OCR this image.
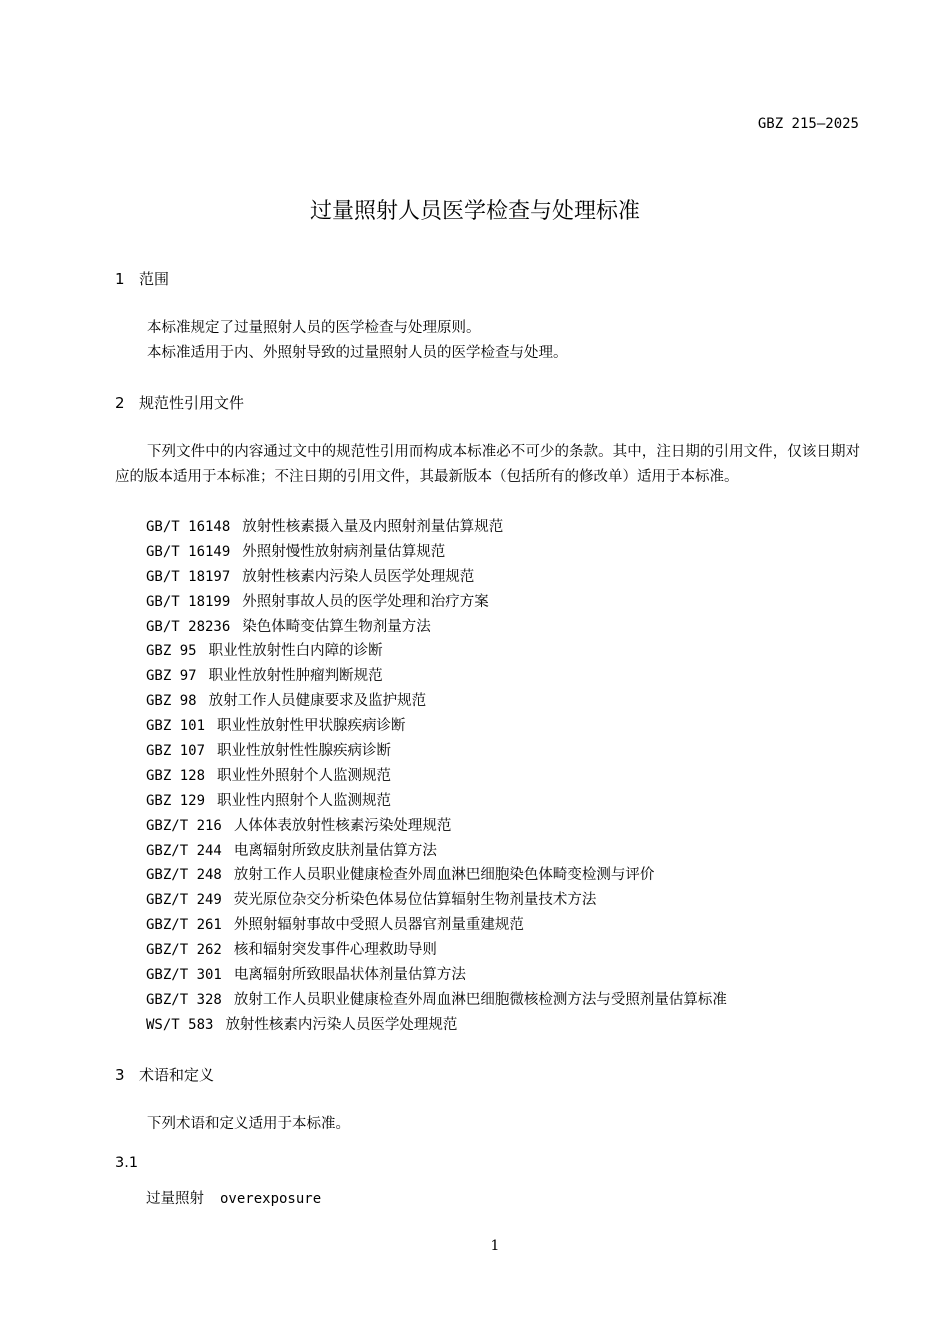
GBZ 215—2025
过量照射人员医学检查与处理标准
1 范围
本标准规定了过量照射人员的医学检查与处理原则。
本标准适用于内、外照射导致的过量照射人员的医学检查与处理。
2 规范性引用文件
下列文件中的内容通过文中的规范性引用而构成本标准必不可少的条款。其中，注日期的引用文件，仅该日期对应的版本适用于本标准；不注日期的引用文件，其最新版本（包括所有的修改单）适用于本标准。
GB/T 16148 放射性核素摄入量及内照射剂量估算规范
GB/T 16149 外照射慢性放射病剂量估算规范
GB/T 18197 放射性核素内污染人员医学处理规范
GB/T 18199 外照射事故人员的医学处理和治疗方案
GB/T 28236 染色体畸变估算生物剂量方法
GBZ 95 职业性放射性白内障的诊断
GBZ 97 职业性放射性肿瘤判断规范
GBZ 98 放射工作人员健康要求及监护规范
GBZ 101 职业性放射性甲状腺疾病诊断
GBZ 107 职业性放射性性腺疾病诊断
GBZ 128 职业性外照射个人监测规范
GBZ 129 职业性内照射个人监测规范
GBZ/T 216 人体体表放射性核素污染处理规范
GBZ/T 244 电离辐射所致皮肤剂量估算方法
GBZ/T 248 放射工作人员职业健康检查外周血淋巴细胞染色体畸变检测与评价
GBZ/T 249 荧光原位杂交分析染色体易位估算辐射生物剂量技术方法
GBZ/T 261 外照射辐射事故中受照人员器官剂量重建规范
GBZ/T 262 核和辐射突发事件心理救助导则
GBZ/T 301 电离辐射所致眼晶状体剂量估算方法
GBZ/T 328 放射工作人员职业健康检查外周血淋巴细胞微核检测方法与受照剂量估算标准
WS/T 583 放射性核素内污染人员医学处理规范
3 术语和定义
下列术语和定义适用于本标准。
3.1
过量照射 overexposure
1
